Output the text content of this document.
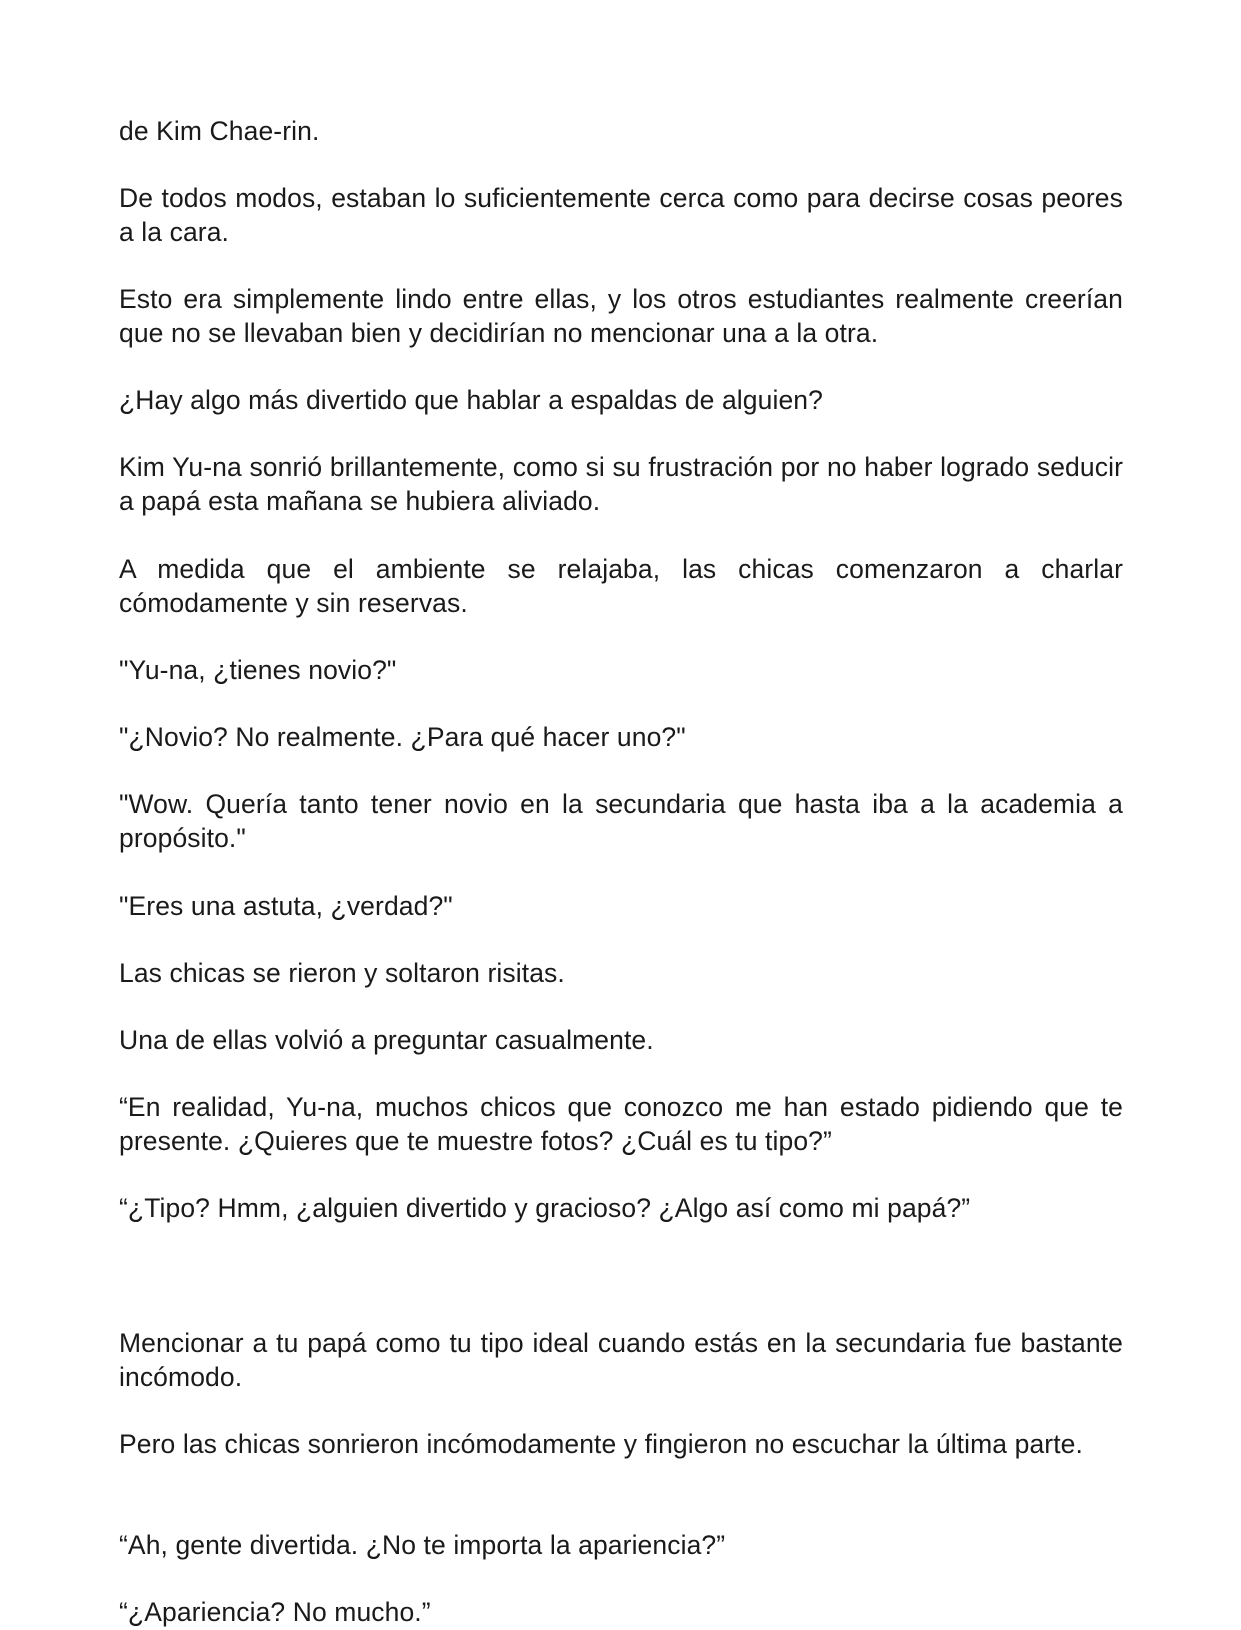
de Kim Chae-rin.

De todos modos, estaban lo suficientemente cerca como para decirse cosas peores a la cara.

Esto era simplemente lindo entre ellas, y los otros estudiantes realmente creerían que no se llevaban bien y decidirían no mencionar una a la otra.

¿Hay algo más divertido que hablar a espaldas de alguien?

Kim Yu-na sonrió brillantemente, como si su frustración por no haber logrado seducir a papá esta mañana se hubiera aliviado.

A medida que el ambiente se relajaba, las chicas comenzaron a charlar cómodamente y sin reservas.

"Yu-na, ¿tienes novio?"

"¿Novio? No realmente. ¿Para qué hacer uno?"

"Wow. Quería tanto tener novio en la secundaria que hasta iba a la academia a propósito."

"Eres una astuta, ¿verdad?"

Las chicas se rieron y soltaron risitas.

Una de ellas volvió a preguntar casualmente.

“En realidad, Yu-na, muchos chicos que conozco me han estado pidiendo que te presente. ¿Quieres que te muestre fotos? ¿Cuál es tu tipo?”

“¿Tipo? Hmm, ¿alguien divertido y gracioso? ¿Algo así como mi papá?”

Mencionar a tu papá como tu tipo ideal cuando estás en la secundaria fue bastante incómodo.

Pero las chicas sonrieron incómodamente y fingieron no escuchar la última parte.

“Ah, gente divertida. ¿No te importa la apariencia?”

“¿Apariencia? No mucho.”
